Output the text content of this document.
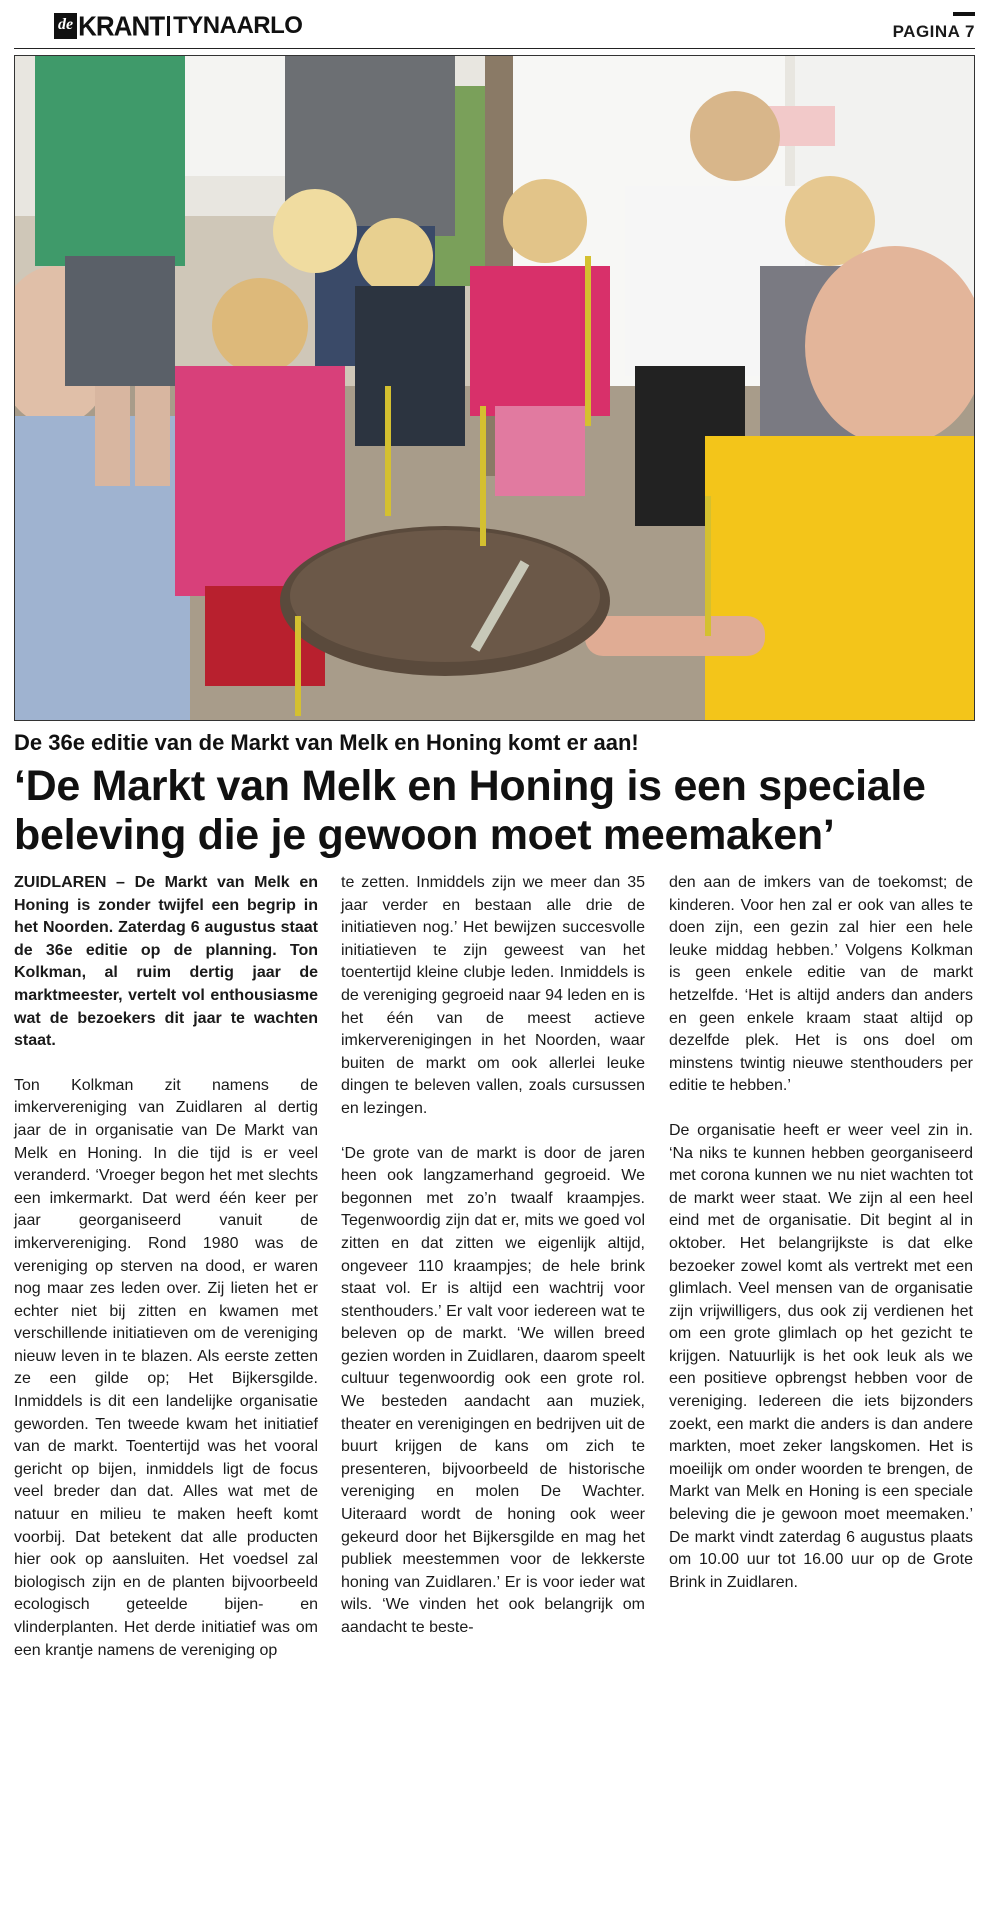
de KRANT TYNAARLO	PAGINA 7
De 36e editie van de Markt van Melk en Honing komt er aan!
‘De Markt van Melk en Honing is een speciale beleving die je gewoon moet meemaken’

ZUIDLAREN – De Markt van Melk en Honing is zonder twijfel een begrip in het Noorden. Zaterdag 6 augustus staat de 36e editie op de planning. Ton Kolkman, al ruim dertig jaar de marktmeester, vertelt vol enthousiasme wat de bezoekers dit jaar te wachten staat.

Ton Kolkman zit namens de imkervereniging van Zuidlaren al dertig jaar de in organisatie van De Markt van Melk en Honing. In die tijd is er veel veranderd. ‘Vroeger begon het met slechts een imkermarkt. Dat werd één keer per jaar georganiseerd vanuit de imkervereniging. Rond 1980 was de vereniging op sterven na dood, er waren nog maar zes leden over. Zij lieten het er echter niet bij zitten en kwamen met verschillende initiatieven om de vereniging nieuw leven in te blazen. Als eerste zetten ze een gilde op; Het Bijkersgilde. Inmiddels is dit een landelijke organisatie geworden. Ten tweede kwam het initiatief van de markt. Toentertijd was het vooral gericht op bijen, inmiddels ligt de focus veel breder dan dat. Alles wat met de natuur en milieu te maken heeft komt voorbij. Dat betekent dat alle producten hier ook op aansluiten. Het voedsel zal biologisch zijn en de planten bijvoorbeeld ecologisch geteelde bijen- en vlinderplanten. Het derde initiatief was om een krantje namens de vereniging op

te zetten. Inmiddels zijn we meer dan 35 jaar verder en bestaan alle drie de initiatieven nog.’ Het bewijzen succesvolle initiatieven te zijn geweest van het toentertijd kleine clubje leden. Inmiddels is de vereniging gegroeid naar 94 leden en is het één van de meest actieve imkerverenigingen in het Noorden, waar buiten de markt om ook allerlei leuke dingen te beleven vallen, zoals cursussen en lezingen.

‘De grote van de markt is door de jaren heen ook langzamerhand gegroeid. We begonnen met zo’n twaalf kraampjes. Tegenwoordig zijn dat er, mits we goed vol zitten en dat zitten we eigenlijk altijd, ongeveer 110 kraampjes; de hele brink staat vol. Er is altijd een wachtrij voor stenthouders.’ Er valt voor iedereen wat te beleven op de markt. ‘We willen breed gezien worden in Zuidlaren, daarom speelt cultuur tegenwoordig ook een grote rol. We besteden aandacht aan muziek, theater en verenigingen en bedrijven uit de buurt krijgen de kans om zich te presenteren, bijvoorbeeld de historische vereniging en molen De Wachter. Uiteraard wordt de honing ook weer gekeurd door het Bijkersgilde en mag het publiek meestemmen voor de lekkerste honing van Zuidlaren.’ Er is voor ieder wat wils. ‘We vinden het ook belangrijk om aandacht te beste-

den aan de imkers van de toekomst; de kinderen. Voor hen zal er ook van alles te doen zijn, een gezin zal hier een hele leuke middag hebben.’ Volgens Kolkman is geen enkele editie van de markt hetzelfde. ‘Het is altijd anders dan anders en geen enkele kraam staat altijd op dezelfde plek. Het is ons doel om minstens twintig nieuwe stenthouders per editie te hebben.’

De organisatie heeft er weer veel zin in. ‘Na niks te kunnen hebben georganiseerd met corona kunnen we nu niet wachten tot de markt weer staat. We zijn al een heel eind met de organisatie. Dit begint al in oktober. Het belangrijkste is dat elke bezoeker zowel komt als vertrekt met een glimlach. Veel mensen van de organisatie zijn vrijwilligers, dus ook zij verdienen het om een grote glimlach op het gezicht te krijgen. Natuurlijk is het ook leuk als we een positieve opbrengst hebben voor de vereniging. Iedereen die iets bijzonders zoekt, een markt die anders is dan andere markten, moet zeker langskomen. Het is moeilijk om onder woorden te brengen, de Markt van Melk en Honing is een speciale beleving die je gewoon moet meemaken.’ De markt vindt zaterdag 6 augustus plaats om 10.00 uur tot 16.00 uur op de Grote Brink in Zuidlaren.
